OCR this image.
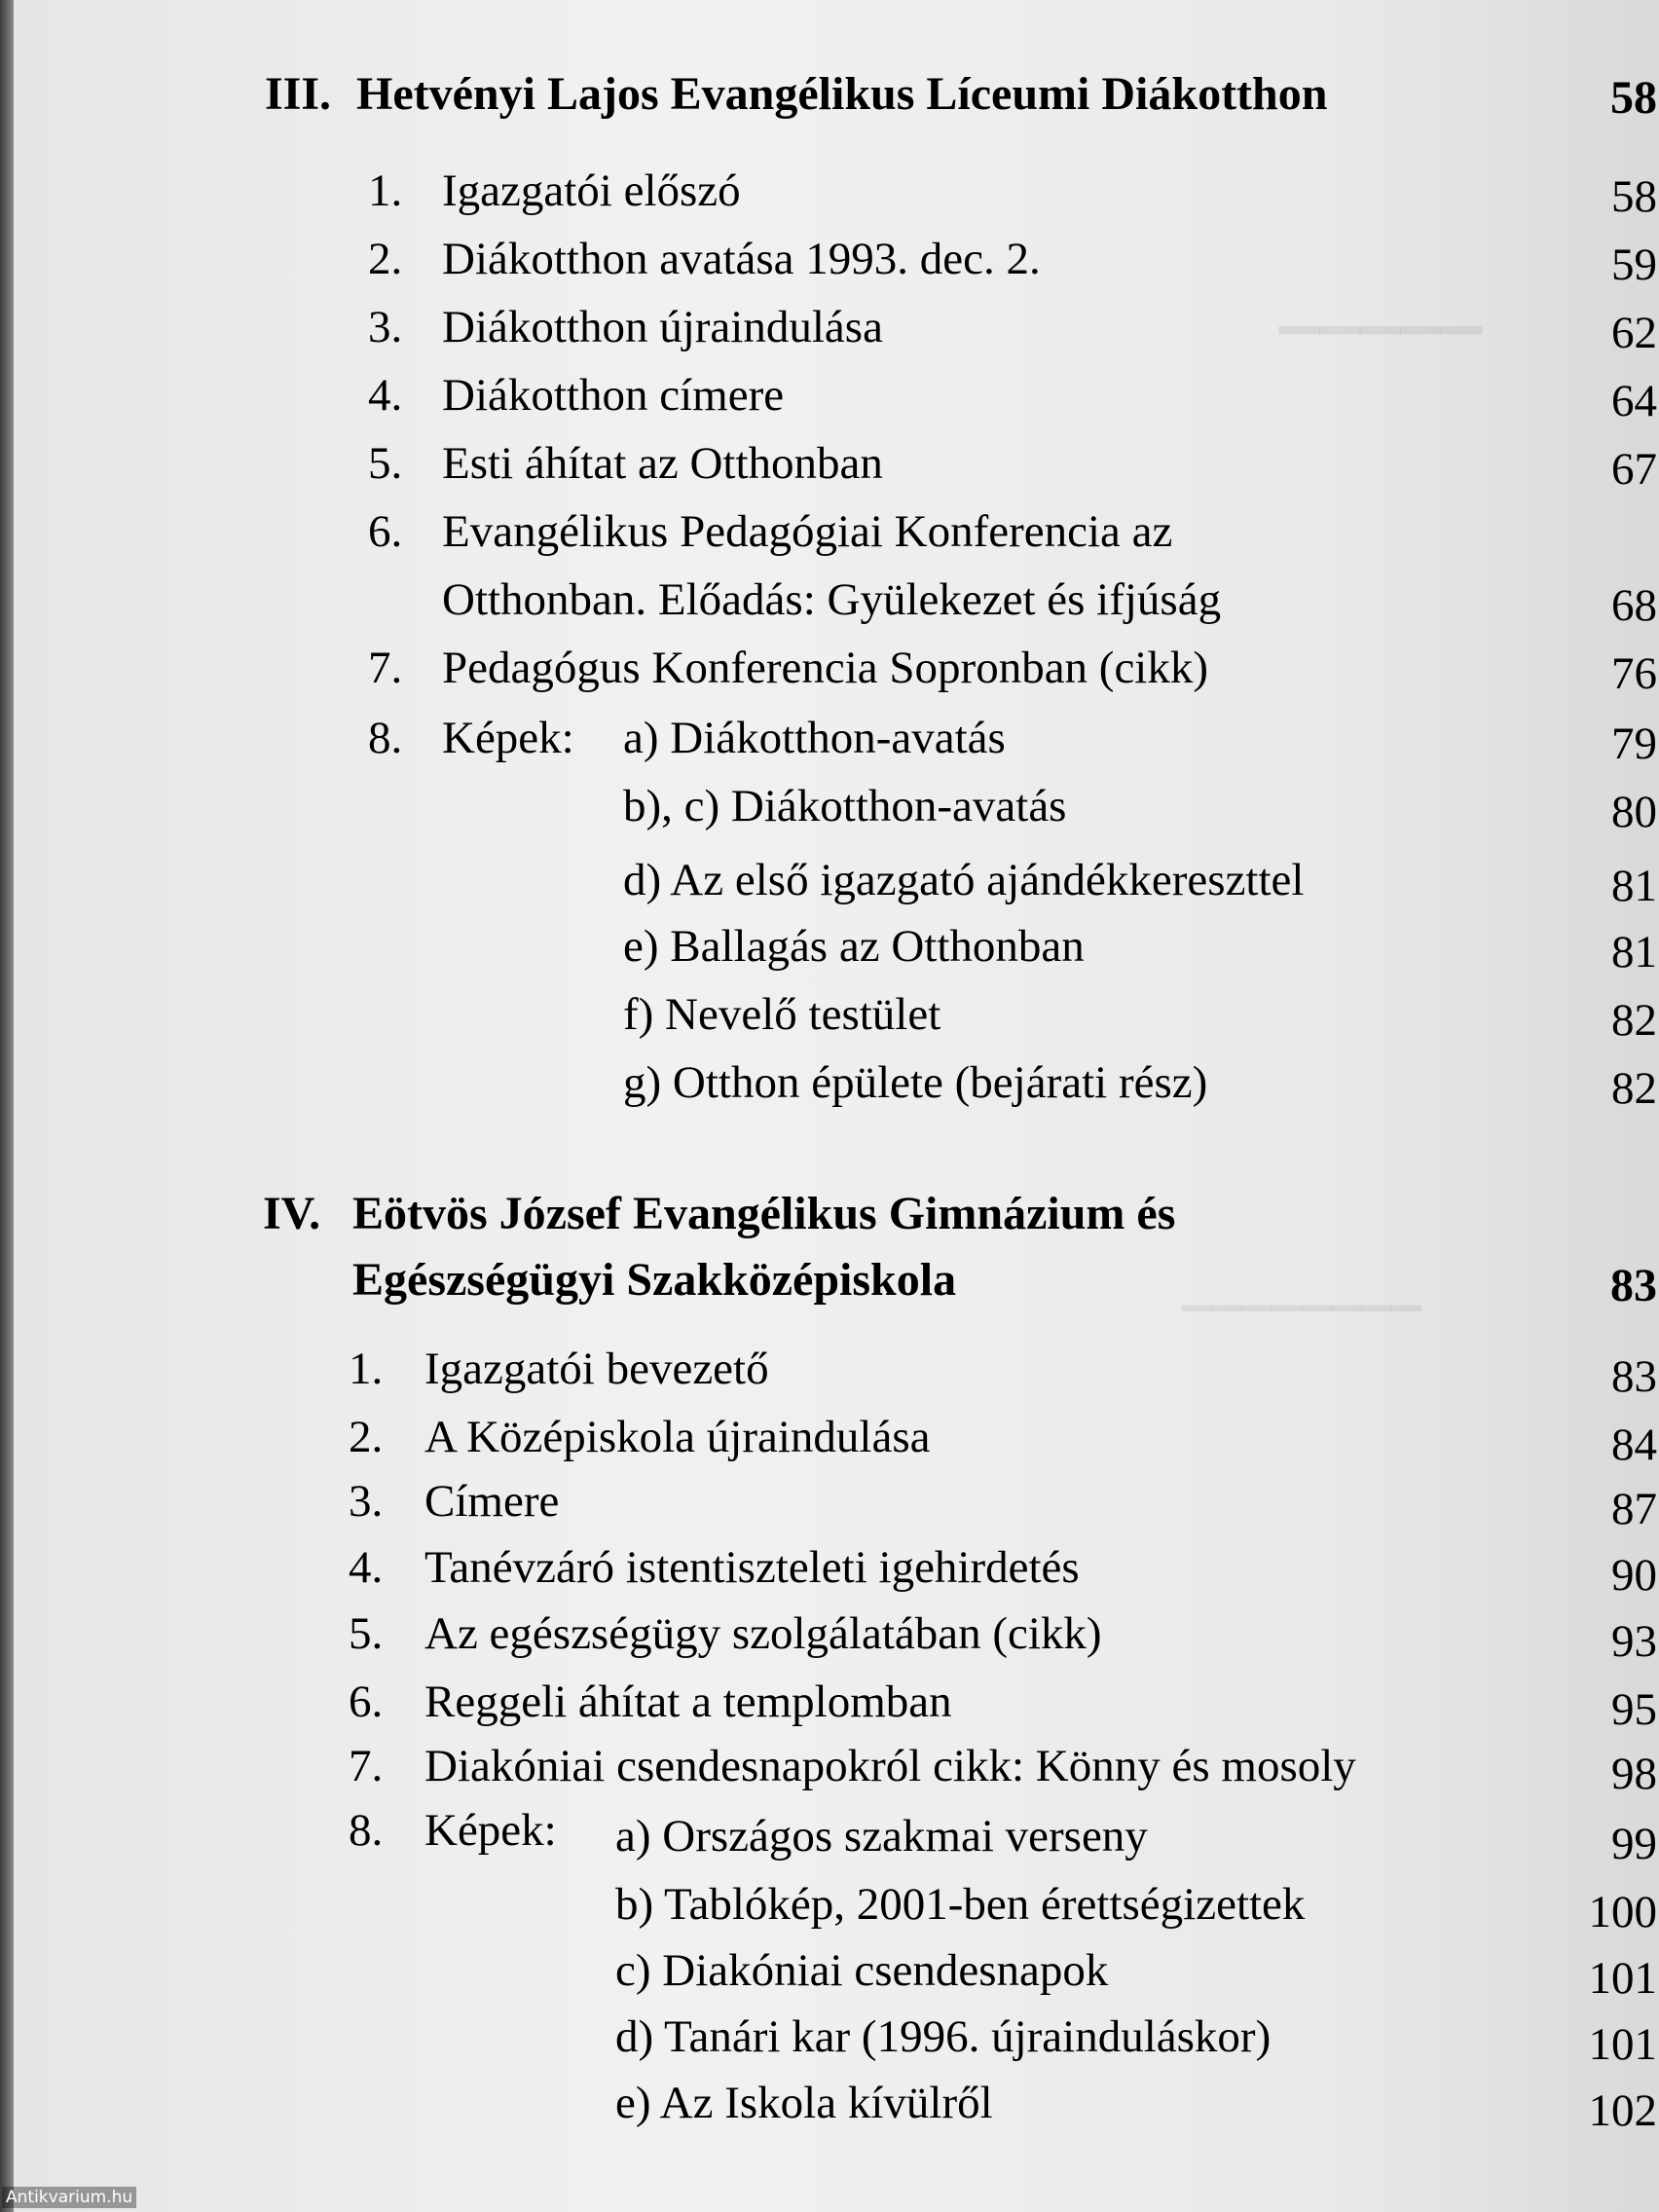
▁▁▁▁▁
▁▁▁▁▁▁▁▁
III. Hetvényi Lajos Evangélikus Líceumi Diákotthon	58
1. Igazgatói előszó	58
2. Diákotthon avatása 1993. dec. 2.	59
3. Diákotthon újraindulása	62
4. Diákotthon címere	64
5. Esti áhítat az Otthonban	67
6. Evangélikus Pedagógiai Konferencia az
Otthonban. Előadás: Gyülekezet és ifjúság	68
7. Pedagógus Konferencia Sopronban (cikk)	76
8. Képek: a) Diákotthon-avatás	79
b), c) Diákotthon-avatás	80
d) Az első igazgató ajándékkereszttel	81
e) Ballagás az Otthonban	81
f) Nevelő testület	82
g) Otthon épülete (bejárati rész)	82
IV. Eötvös József Evangélikus Gimnázium és
Egészségügyi Szakközépiskola	83
1. Igazgatói bevezető	83
2. A Középiskola újraindulása	84
3. Címere	87
4. Tanévzáró istentiszteleti igehirdetés	90
5. Az egészségügy szolgálatában (cikk)	93
6. Reggeli áhítat a templomban	95
7. Diakóniai csendesnapokról cikk: Könny és mosoly	98
8. Képek: a) Országos szakmai verseny	99
b) Tablókép, 2001-ben érettségizettek	100
c) Diakóniai csendesnapok	101
d) Tanári kar (1996. újrainduláskor)	101
e) Az Iskola kívülről	102
Antikvarium.hu
